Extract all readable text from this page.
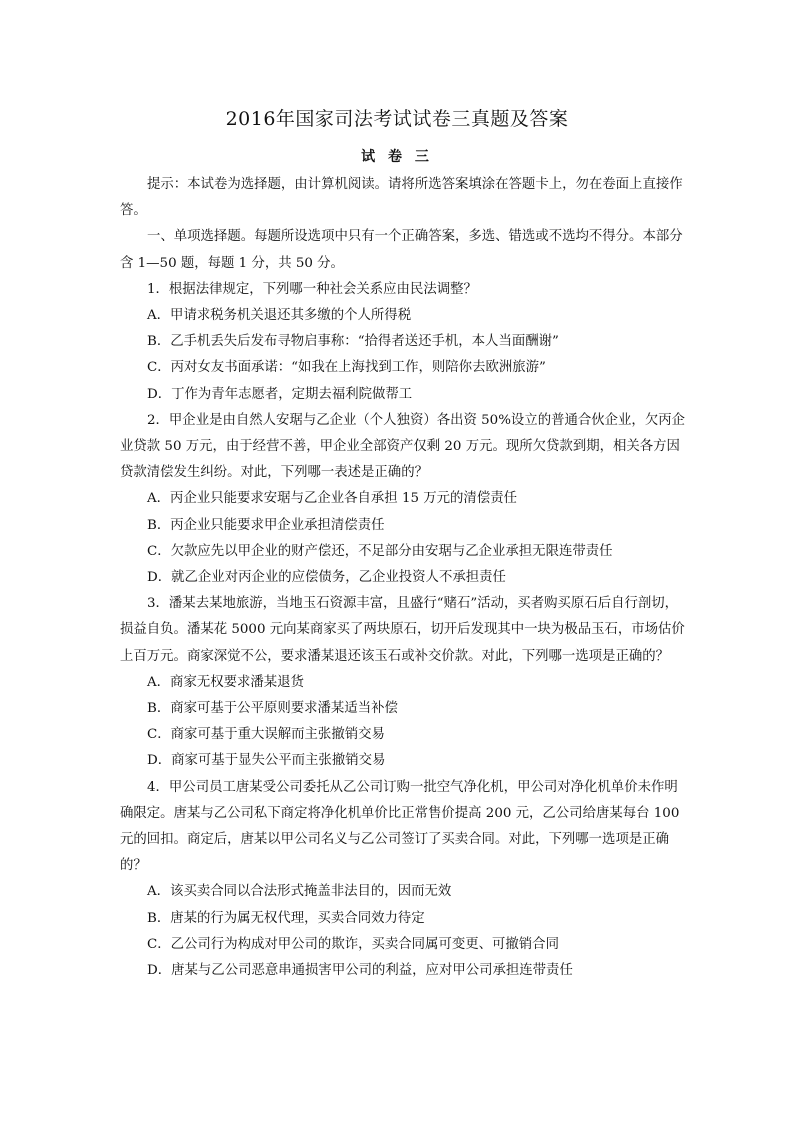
2016年国家司法考试试卷三真题及答案
试 卷 三

提示：本试卷为选择题，由计算机阅读。请将所选答案填涂在答题卡上，勿在卷面上直接作答。

一、单项选择题。每题所设选项中只有一个正确答案，多选、错选或不选均不得分。本部分含 1—50 题，每题 1 分，共 50 分。

1．根据法律规定，下列哪一种社会关系应由民法调整？

A．甲请求税务机关退还其多缴的个人所得税

B．乙手机丢失后发布寻物启事称：“拾得者送还手机，本人当面酬谢”

C．丙对女友书面承诺：“如我在上海找到工作，则陪你去欧洲旅游”

D．丁作为青年志愿者，定期去福利院做帮工

2．甲企业是由自然人安琚与乙企业（个人独资）各出资 50%设立的普通合伙企业，欠丙企业贷款 50 万元，由于经营不善，甲企业全部资产仅剩 20 万元。现所欠贷款到期，相关各方因贷款清偿发生纠纷。对此，下列哪一表述是正确的？

A．丙企业只能要求安琚与乙企业各自承担 15 万元的清偿责任

B．丙企业只能要求甲企业承担清偿责任

C．欠款应先以甲企业的财产偿还，不足部分由安琚与乙企业承担无限连带责任

D．就乙企业对丙企业的应偿债务，乙企业投资人不承担责任

3．潘某去某地旅游，当地玉石资源丰富，且盛行“赌石”活动，买者购买原石后自行剖切，损益自负。潘某花 5000 元向某商家买了两块原石，切开后发现其中一块为极品玉石，市场估价上百万元。商家深觉不公，要求潘某退还该玉石或补交价款。对此，下列哪一选项是正确的？

A．商家无权要求潘某退货

B．商家可基于公平原则要求潘某适当补偿

C．商家可基于重大误解而主张撤销交易

D．商家可基于显失公平而主张撤销交易

4．甲公司员工唐某受公司委托从乙公司订购一批空气净化机，甲公司对净化机单价未作明确限定。唐某与乙公司私下商定将净化机单价比正常售价提高 200 元，乙公司给唐某每台 100 元的回扣。商定后，唐某以甲公司名义与乙公司签订了买卖合同。对此，下列哪一选项是正确的？

A．该买卖合同以合法形式掩盖非法目的，因而无效

B．唐某的行为属无权代理，买卖合同效力待定

C．乙公司行为构成对甲公司的欺诈，买卖合同属可变更、可撤销合同

D．唐某与乙公司恶意串通损害甲公司的利益，应对甲公司承担连带责任
